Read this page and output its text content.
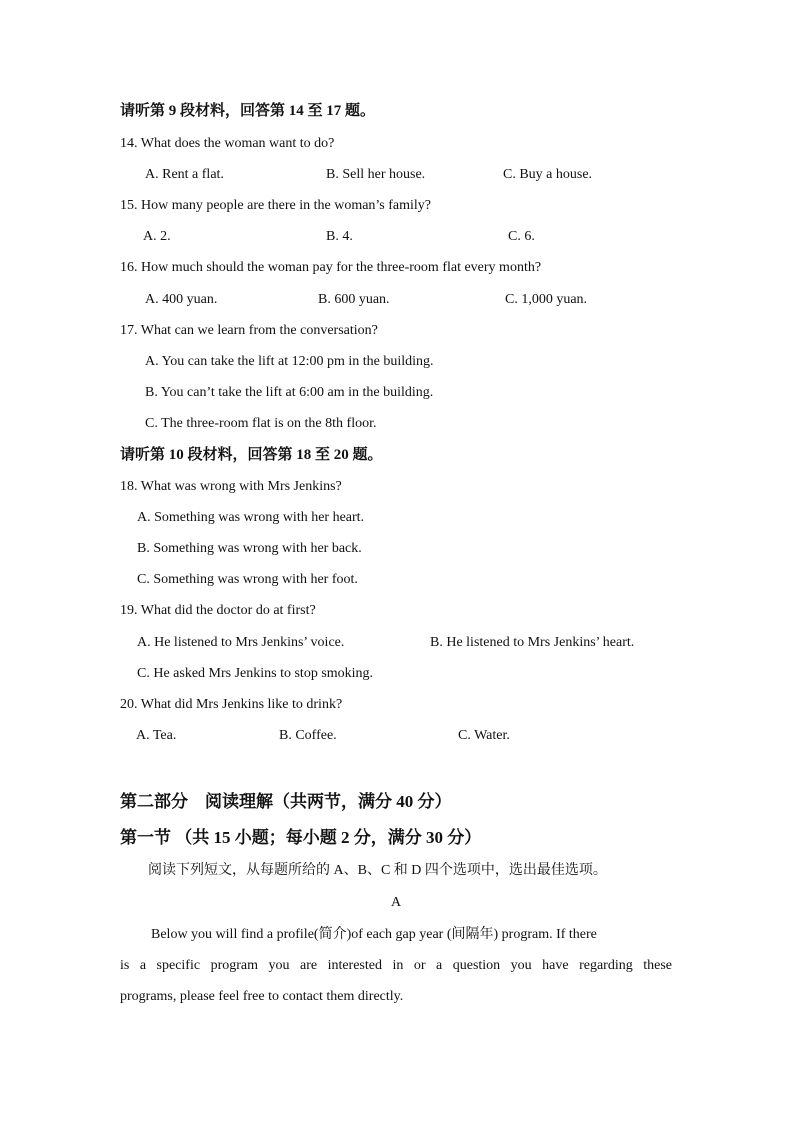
请听第 9 段材料，回答第 14 至 17 题。
14. What does the woman want to do?
A. Rent a flat.	B. Sell her house.	C. Buy a house.
15. How many people are there in the woman’s family?
A. 2.	B. 4.	C. 6.
16. How much should the woman pay for the three-room flat every month?
A. 400 yuan.	B. 600 yuan.	C. 1,000 yuan.
17. What can we learn from the conversation?
A. You can take the lift at 12:00 pm in the building.
B. You can’t take the lift at 6:00 am in the building.
C. The three-room flat is on the 8th floor.
请听第 10 段材料，回答第 18 至 20 题。
18. What was wrong with Mrs Jenkins?
A. Something was wrong with her heart.
B. Something was wrong with her back.
C. Something was wrong with her foot.
19. What did the doctor do at first?
A. He listened to Mrs Jenkins’ voice.	B. He listened to Mrs Jenkins’ heart.
C. He asked Mrs Jenkins to stop smoking.
20. What did Mrs Jenkins like to drink?
A. Tea.	B. Coffee.	C. Water.
第二部分　阅读理解（共两节，满分 40 分）
第一节 （共 15 小题；每小题 2 分，满分 30 分）
阅读下列短文，从每题所给的 A、B、C 和 D 四个选项中，选出最佳选项。
A
Below you will find a profile(简介)of each gap year (间隔年) program. If there
is a specific program you are interested in or a question you have regarding these
programs, please feel free to contact them directly.
